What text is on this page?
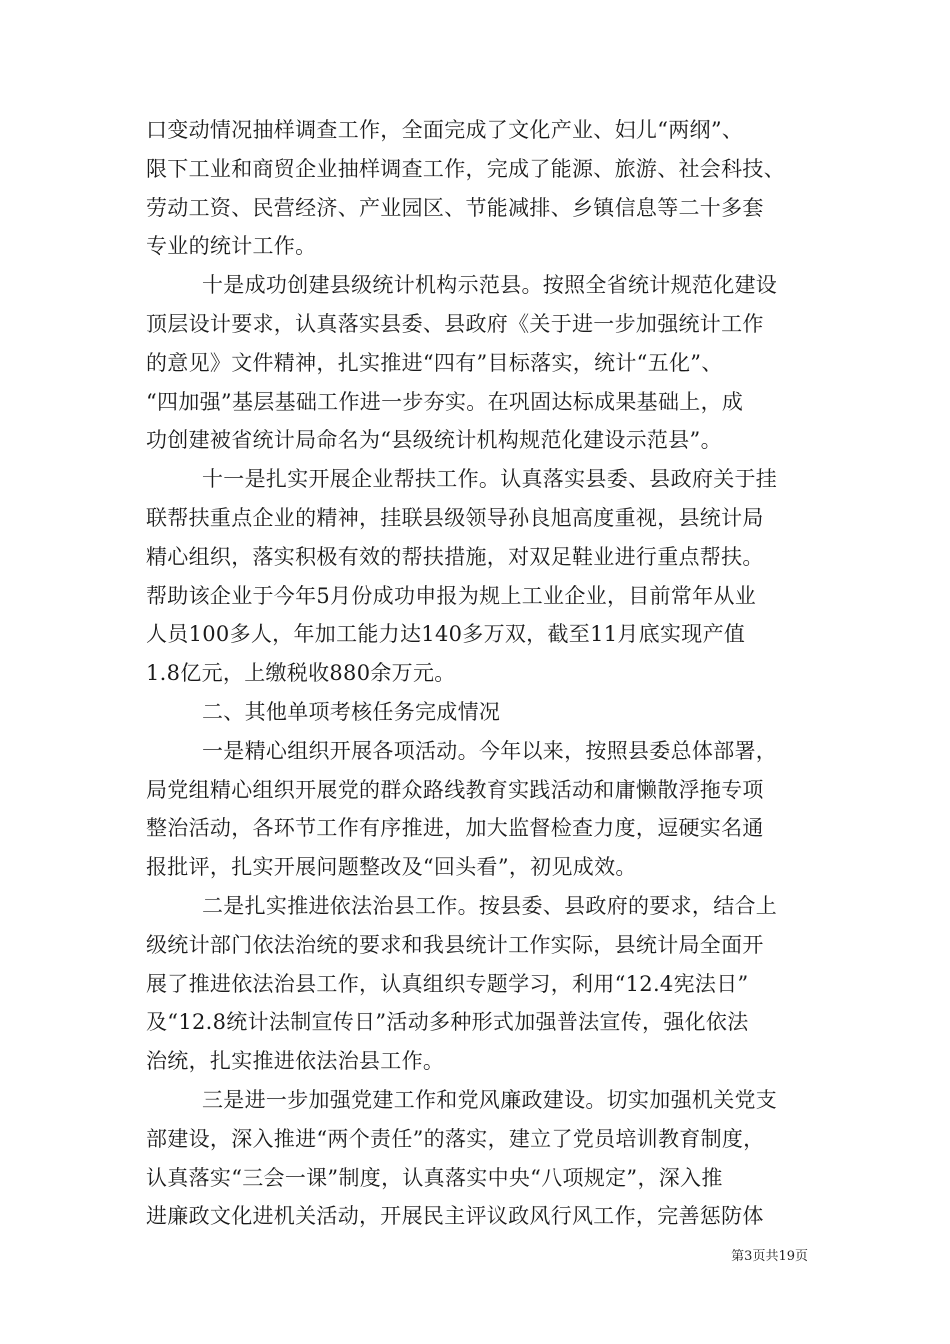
口变动情况抽样调查工作，全面完成了文化产业、妇儿“两纲”、
限下工业和商贸企业抽样调查工作，完成了能源、旅游、社会科技、
劳动工资、民营经济、产业园区、节能减排、乡镇信息等二十多套
专业的统计工作。
十是成功创建县级统计机构示范县。按照全省统计规范化建设
顶层设计要求，认真落实县委、县政府《关于进一步加强统计工作
的意见》文件精神，扎实推进“四有”目标落实，统计“五化”、
“四加强”基层基础工作进一步夯实。在巩固达标成果基础上，成
功创建被省统计局命名为“县级统计机构规范化建设示范县”。
十一是扎实开展企业帮扶工作。认真落实县委、县政府关于挂
联帮扶重点企业的精神，挂联县级领导孙良旭高度重视，县统计局
精心组织，落实积极有效的帮扶措施，对双足鞋业进行重点帮扶。
帮助该企业于今年5月份成功申报为规上工业企业，目前常年从业
人员100多人，年加工能力达140多万双，截至11月底实现产值
1.8亿元，上缴税收880余万元。
二、其他单项考核任务完成情况
一是精心组织开展各项活动。今年以来，按照县委总体部署，
局党组精心组织开展党的群众路线教育实践活动和庸懒散浮拖专项
整治活动，各环节工作有序推进，加大监督检查力度，逗硬实名通
报批评，扎实开展问题整改及“回头看”，初见成效。
二是扎实推进依法治县工作。按县委、县政府的要求，结合上
级统计部门依法治统的要求和我县统计工作实际，县统计局全面开
展了推进依法治县工作，认真组织专题学习，利用“12.4宪法日”
及“12.8统计法制宣传日”活动多种形式加强普法宣传，强化依法
治统，扎实推进依法治县工作。
三是进一步加强党建工作和党风廉政建设。切实加强机关党支
部建设，深入推进“两个责任”的落实，建立了党员培训教育制度，
认真落实“三会一课”制度，认真落实中央“八项规定”，深入推
进廉政文化进机关活动，开展民主评议政风行风工作，完善惩防体
第3页共19页
